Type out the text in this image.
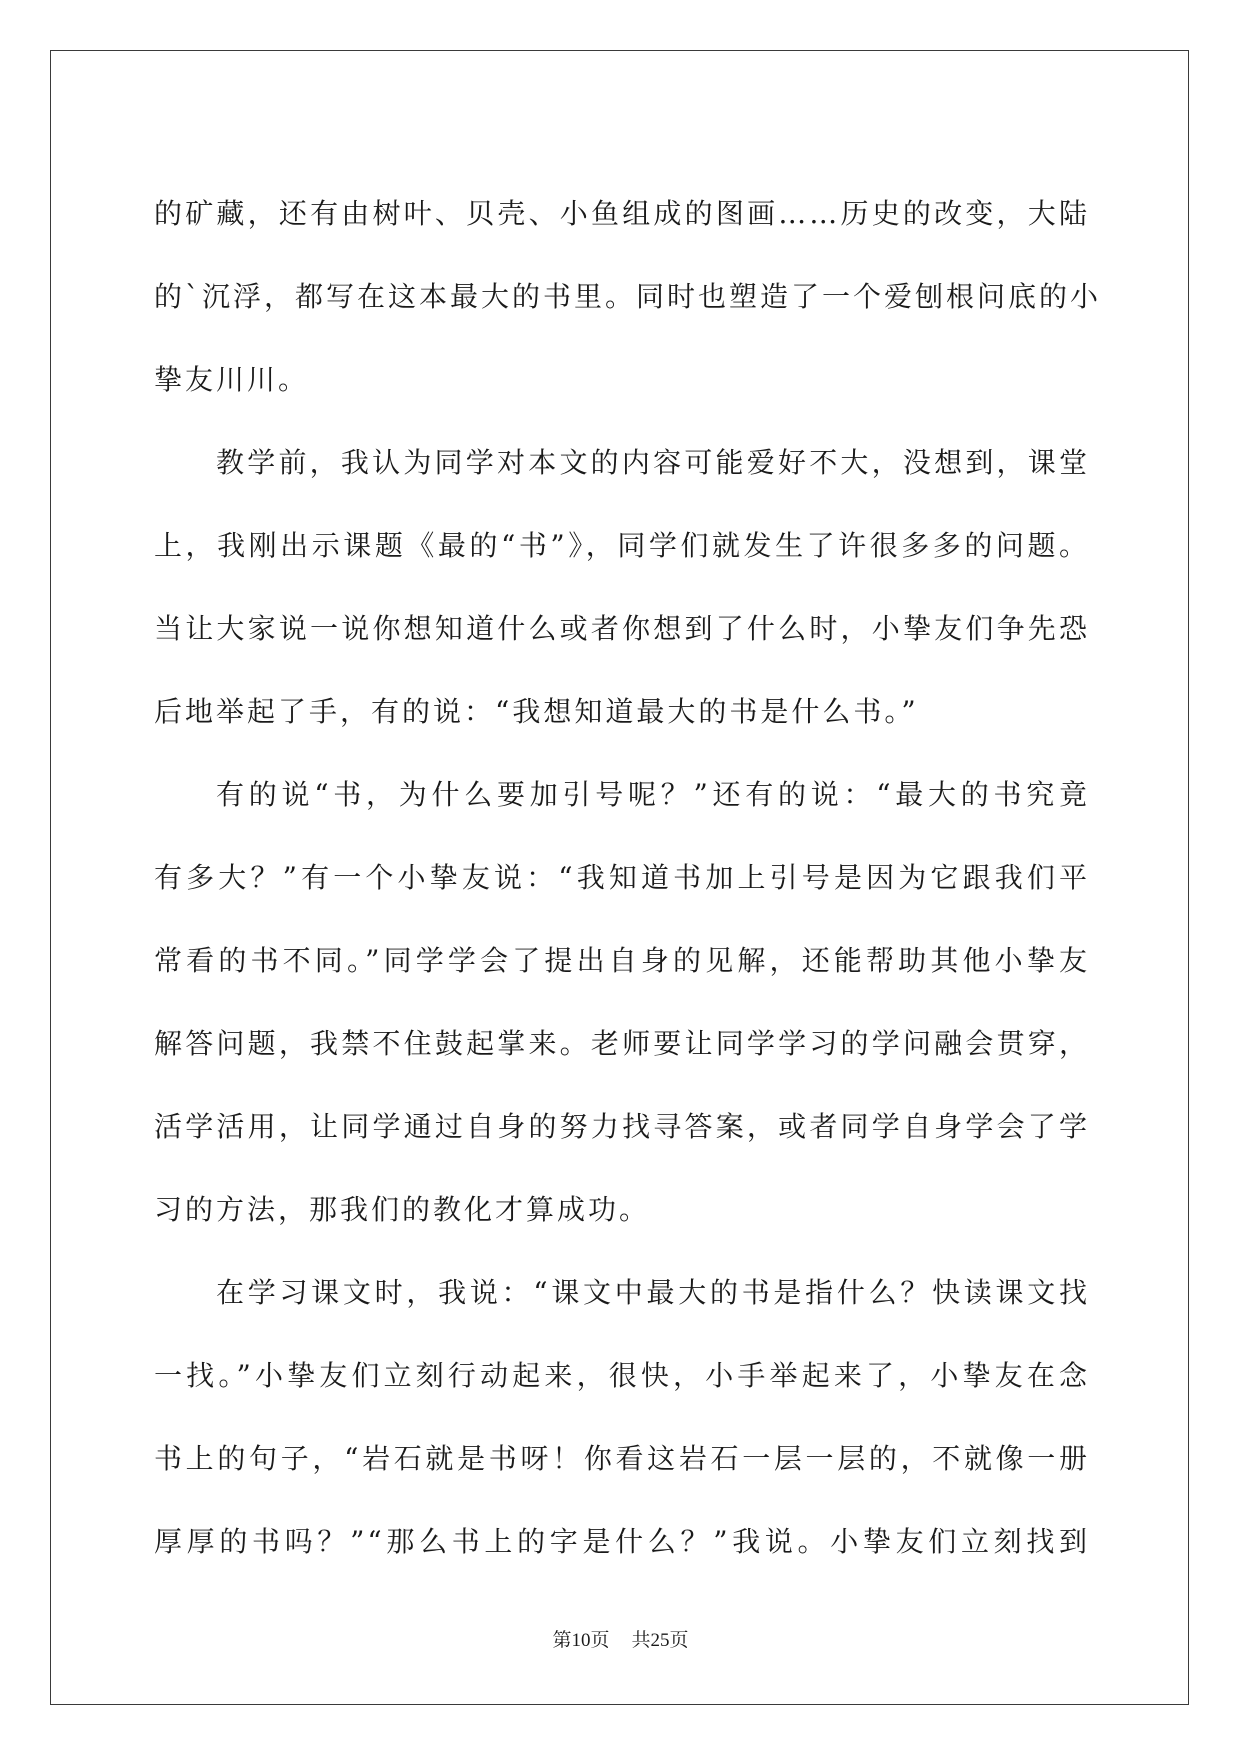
的矿藏，还有由树叶、贝壳、小鱼组成的图画……历史的改变，大陆
的`沉浮，都写在这本最大的书里。同时也塑造了一个爱刨根问底的小
挚友川川。
教学前，我认为同学对本文的内容可能爱好不大，没想到，课堂
上，我刚出示课题《最的“书”》，同学们就发生了许很多多的问题。
当让大家说一说你想知道什么或者你想到了什么时，小挚友们争先恐
后地举起了手，有的说：“我想知道最大的书是什么书。”
有的说“书，为什么要加引号呢？”还有的说：“最大的书究竟
有多大？”有一个小挚友说：“我知道书加上引号是因为它跟我们平
常看的书不同。”同学学会了提出自身的见解，还能帮助其他小挚友
解答问题，我禁不住鼓起掌来。老师要让同学学习的学问融会贯穿，
活学活用，让同学通过自身的努力找寻答案，或者同学自身学会了学
习的方法，那我们的教化才算成功。
在学习课文时，我说：“课文中最大的书是指什么？快读课文找
一找。”小挚友们立刻行动起来，很快，小手举起来了，小挚友在念
书上的句子，“岩石就是书呀！你看这岩石一层一层的，不就像一册
厚厚的书吗？”“那么书上的字是什么？”我说。小挚友们立刻找到
第10页 共25页
